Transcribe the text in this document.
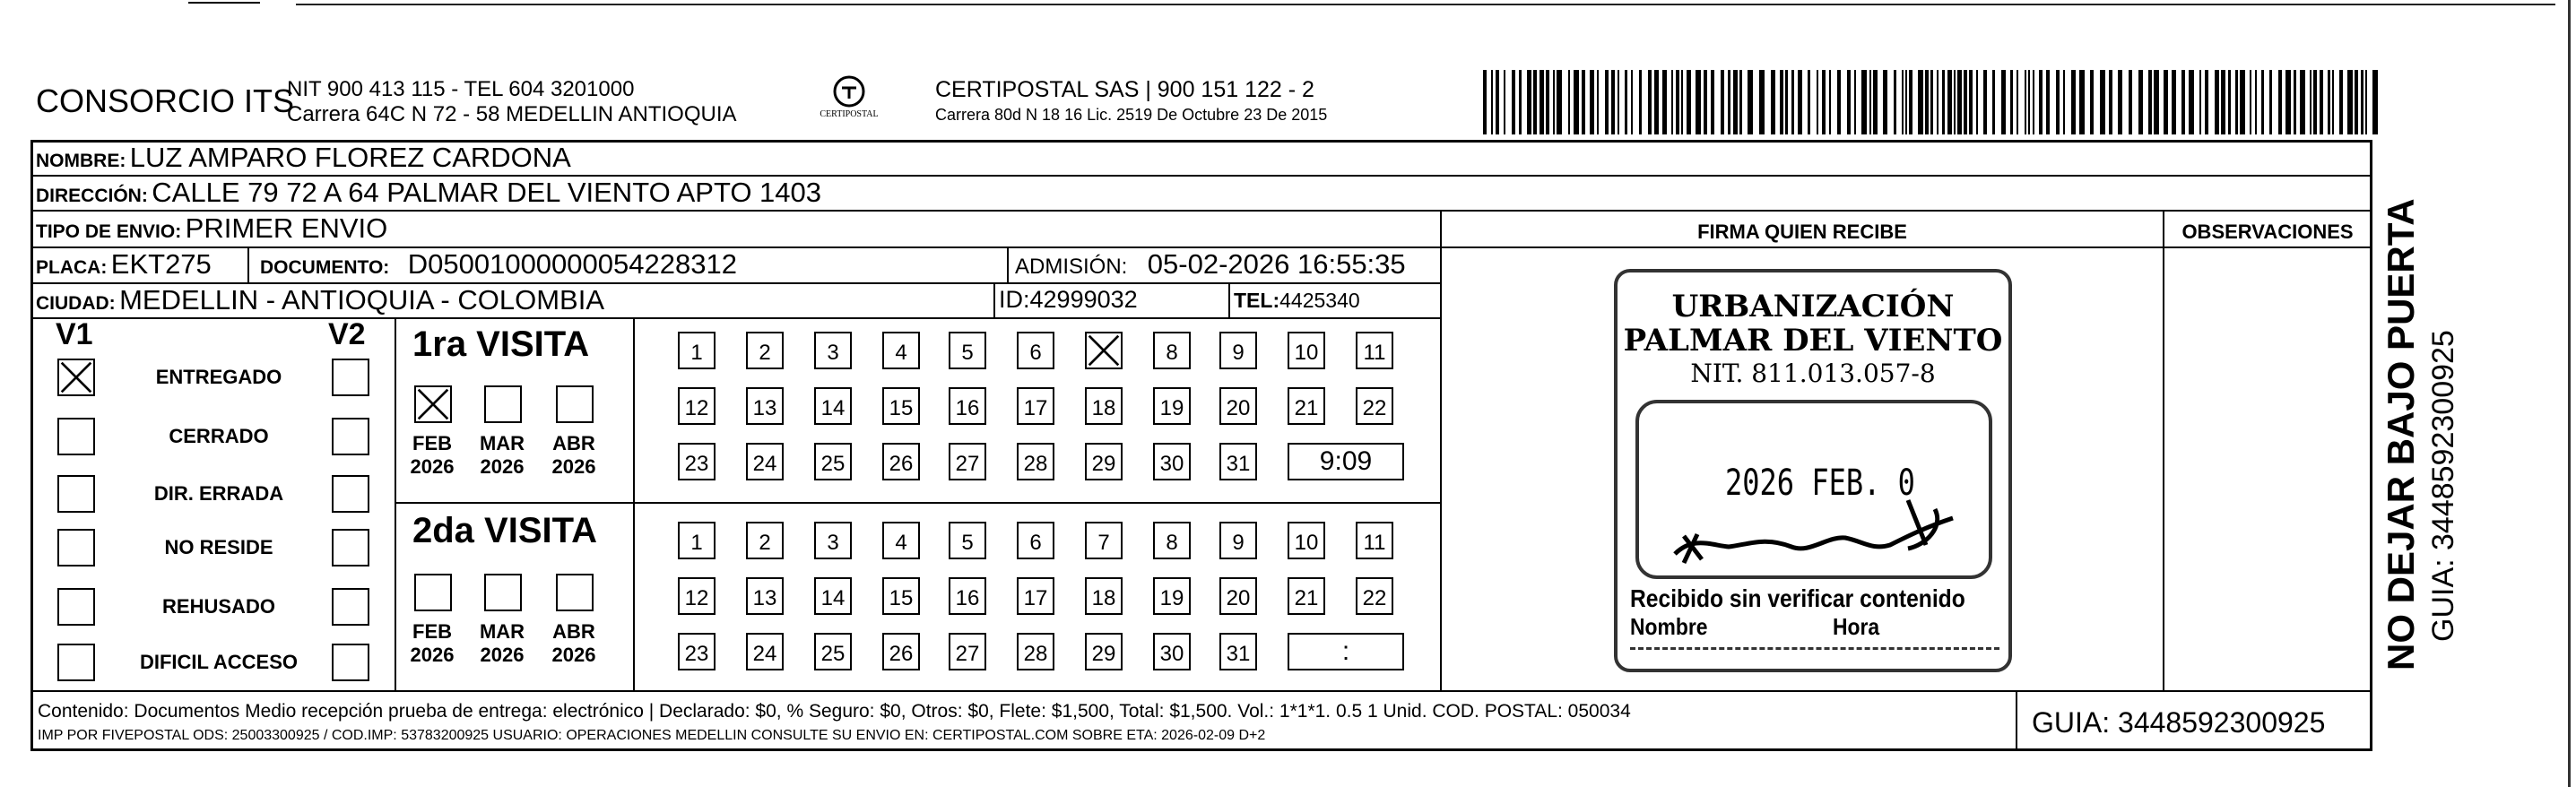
CONSORCIO ITS
NIT 900 413 115 - TEL 604 3201000
Carrera 64C N 72 - 58 MEDELLIN ANTIOQUIA	CERTIPOSTAL
CERTIPOSTAL SAS | 900 151 122 - 2
Carrera 80d N 18 16 Lic. 2519 De Octubre 23 De 2015
NOMBRE: LUZ AMPARO FLOREZ CARDONA
DIRECCIÓN: CALLE 79 72 A 64 PALMAR DEL VIENTO APTO 1403
TIPO DE ENVIO: PRIMER ENVIO
PLACA: EKT275	DOCUMENTO: D05001000000054228312	ADMISIÓN: 05-02-2026 16:55:35
CIUDAD: MEDELLIN - ANTIOQUIA - COLOMBIA	ID:42999032	TEL:4425340
FIRMA QUIEN RECIBE	OBSERVACIONES
V1	V2
ENTREGADO
CERRADO
DIR. ERRADA
NO RESIDE
REHUSADO
DIFICIL ACCESO
1ra VISITA
2da VISITA
FEB
2026
MAR
2026
ABR
2026
FEB
2026
MAR
2026
ABR
2026
1	2	3	4	5	6	7	8	9 10 11
12 13 14 15 16 17 18 19 20 21 22
23 24 25 26 27 28 29 30 31	9:09
1	2	3	4	5	6	7	8	9 10 11
12 13 14 15 16 17 18 19 20 21 22
23 24 25 26 27 28 29 30 31	:
URBANIZACIÓN
PALMAR DEL VIENTO
NIT. 811.013.057-8
2026 FEB. 0
Recibido sin verificar contenido
Nombre	Hora	NO DEJAR BAJO PUERTA GUIA: 3448592300925
Contenido: Documentos Medio recepción prueba de entrega: electrónico | Declarado: $0, % Seguro: $0, Otros: $0, Flete: $1,500, Total: $1,500. Vol.: 1*1*1. 0.5 1 Unid. COD. POSTAL: 050034
IMP POR FIVEPOSTAL ODS: 25003300925 / COD.IMP: 53783200925 USUARIO: OPERACIONES MEDELLIN CONSULTE SU ENVIO EN: CERTIPOSTAL.COM SOBRE ETA: 2026-02-09 D+2	GUIA: 3448592300925
